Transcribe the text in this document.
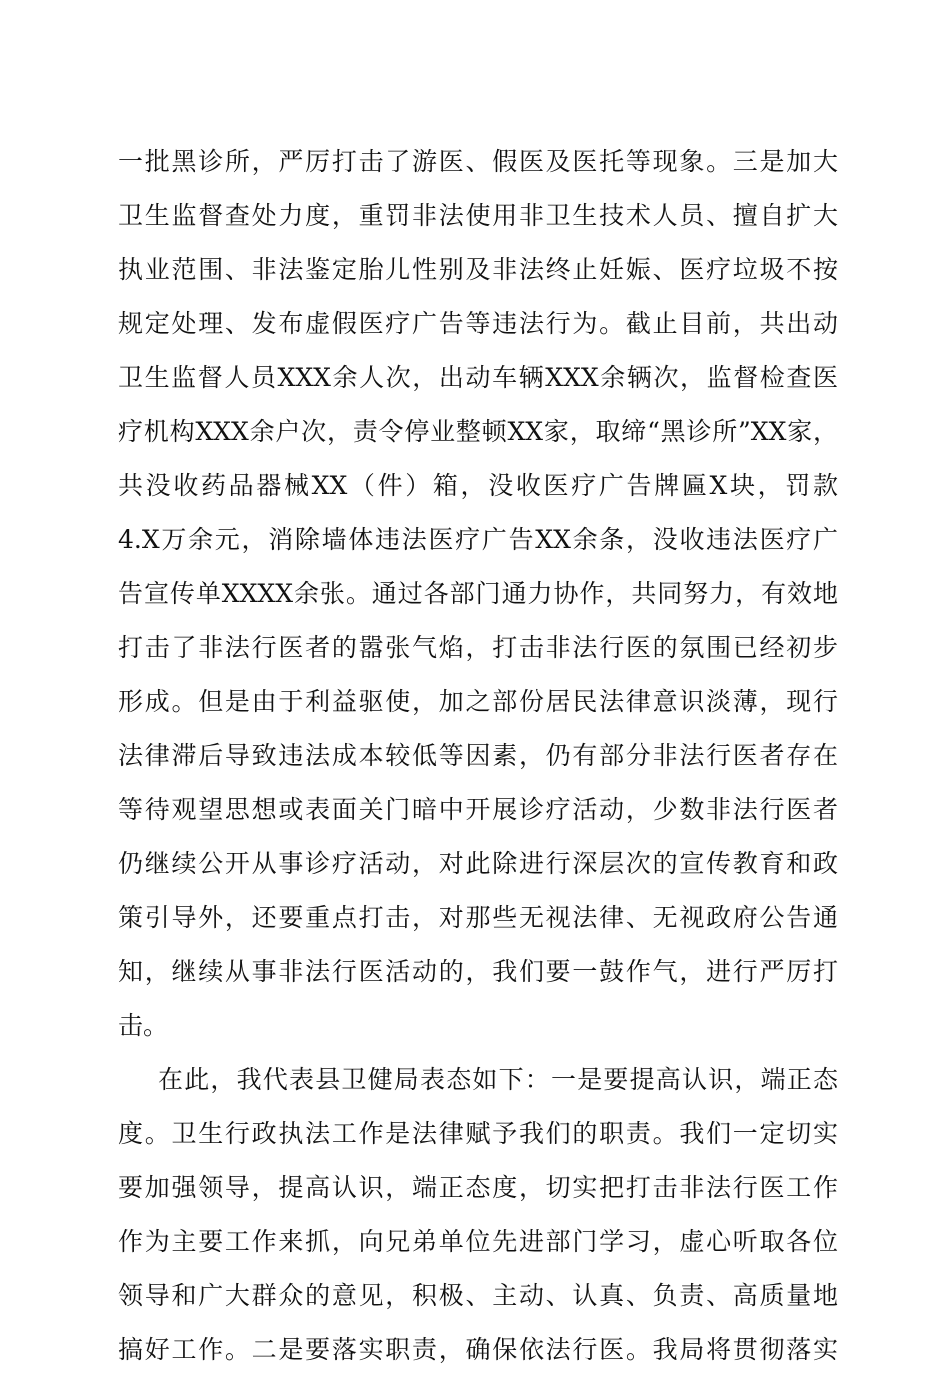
一批黑诊所，严厉打击了游医、假医及医托等现象。三是加大
卫生监督查处力度，重罚非法使用非卫生技术人员、擅自扩大
执业范围、非法鉴定胎儿性别及非法终止妊娠、医疗垃圾不按
规定处理、发布虚假医疗广告等违法行为。截止目前，共出动
卫生监督人员XXX余人次，出动车辆XXX余辆次，监督检查医
疗机构XXX余户次，责令停业整顿XX家，取缔“黑诊所”XX家，
共没收药品器械XX（件）箱，没收医疗广告牌匾X块，罚款
4.X万余元，消除墙体违法医疗广告XX余条，没收违法医疗广
告宣传单XXXX余张。通过各部门通力协作，共同努力，有效地
打击了非法行医者的嚣张气焰，打击非法行医的氛围已经初步
形成。但是由于利益驱使，加之部份居民法律意识淡薄，现行
法律滞后导致违法成本较低等因素，仍有部分非法行医者存在
等待观望思想或表面关门暗中开展诊疗活动，少数非法行医者
仍继续公开从事诊疗活动，对此除进行深层次的宣传教育和政
策引导外，还要重点打击，对那些无视法律、无视政府公告通
知，继续从事非法行医活动的，我们要一鼓作气，进行严厉打
击。
在此，我代表县卫健局表态如下：一是要提高认识，端正态
度。卫生行政执法工作是法律赋予我们的职责。我们一定切实
要加强领导，提高认识，端正态度，切实把打击非法行医工作
作为主要工作来抓，向兄弟单位先进部门学习，虚心听取各位
领导和广大群众的意见，积极、主动、认真、负责、高质量地
搞好工作。二是要落实职责，确保依法行医。我局将贯彻落实
